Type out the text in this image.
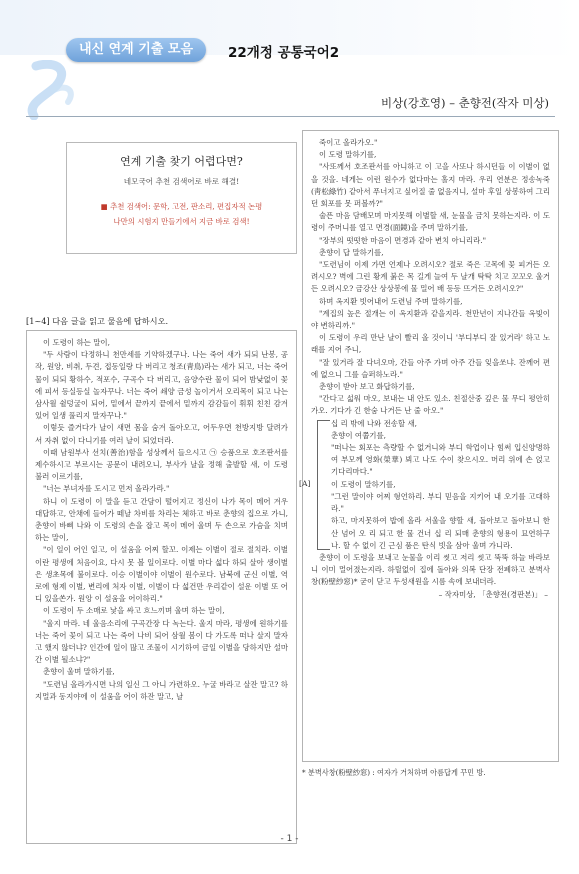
내신 연계 기출 모음	22개정 공통국어2
비상(강호영) – 춘향전(작자 미상)
연계 기출 찾기 어렵다면?
네모국어 추천 검색어로 바로 해결!
■ 추천 검색어: 문학, 고전, 판소리, 편집자적 논평
나만의 시험지 만들기에서 지금 바로 검색!
[1~4] 다음 글을 읽고 물음에 답하시오.
이 도령이 하는 말이,
"두 사람이 다정하니 천만세를 기약하겠구나. 나는 죽어 새가 되되 난봉, 공작, 원앙, 비취, 두견, 접동일랑 다 버리고 청조(靑鳥)라는 새가 되고, 너는 죽어 물이 되되 황하수, 적포수, 구곡수 다 버리고, 음양수란 물이 되어 밤낮없이 꽃에 피서 등실등실 놀자꾸나. 너는 죽어 쇄양 금성 놀이거서 오리목이 되고 나는 삼사월 쉴덩굴이 되어, 밑에서 끝까지 끝에서 밑까지 감감들이 휘휘 친친 감겨 있어 일생 풀리지 말자꾸나."
이렇듯 즐거다가 날이 새면 몸을 숨겨 돌아오고, 어두우면 천방지방 달려가서 자취 없이 다니기를 여러 날이 되었더라.
이때 남원부사 선치(善治)함을 성상께서 들으시고 ㉠ 승품으로 호조판서를 제수하시고 부르시는 공문이 내려오니, 부사가 날을 정해 출발할 새, 이 도령 불러 이르기를,
"너는 부녀자를 도시고 먼저 올라가라."
하니 이 도령이 이 말을 듣고 간담이 떨어지고 정신이 나가 목이 메어 겨우 대답하고, 안채에 들어가 떼날 차비를 차리는 체하고 바로 춘향의 집으로 가니, 춘향이 바삐 나와 이 도령의 손을 잡고 목이 메어 울며 두 손으로 가슴을 치며 하는 말이,
"이 일이 어인 일고, 이 설움을 어찌 할꼬. 이제는 이별이 절로 절치라. 이별이란 평생에 처음이요, 다시 못 볼 일이로다. 이별 마다 섧다 하되 살아 생이별은 생초목에 불이로다. 이승 이별이야 이별이 원수로다. 남북에 군신 이별, 역로에 형제 이별, 변리에 처자 이별, 이별이 다 섧건만 우리같이 설운 이별 또 어디 있을쏜가. 원앙 이 설움을 어이하리."
이 도령이 두 소매로 낯을 싸고 흐느끼며 울며 하는 말이,
"울지 마라. 네 울음소리에 구곡간장 다 녹는다. 울지 마라, 평생에 원하기를 너는 죽어 꽃이 되고 나는 죽어 나비 되어 삼월 봄이 다 가도록 떠나 살지 말자고 했지 않더냐? 인간에 일이 많고 조물이 시기하여 금일 이별을 당하지만 설마 간 이별 될소냐?"
춘향이 울며 말하기를,
"도련님 올라가시면 나의 일신 그 아니 가련하오. 누굴 바라고 살잔 말고? 하지멀과 동지야에 이 설움을 어이 하잔 말고, 날
죽이고 올라가오."
이 도령 말하기를,
"사또께서 호조판서를 아니하고 이 고을 사또나 하시던들 이 이별이 없을 것을. 네게는 이런 원수가 없다마는 홀지 마라. 우리 연분은 정송녹죽(靑松綠竹) 같아서 푸너지고 싶어질 줄 없음지니, 설마 후일 상봉하여 그리던 회포를 못 퍼볼까?"
술픈 마음 담배모며 마지못해 이별할 새, 눈물을 금치 못하는지라. 이 도령이 주머니를 열고 면경(面鏡)을 주며 말하기를,
"장부의 떳떳한 마음이 면경과 같아 변치 아니리라."
춘향이 답 말하기를,
"도련님이 이제 가면 언제나 오려시오? 절로 죽은 고목에 꽃 피거든 오려시오? 벽에 그린 황계 붉은 목 길게 늘여 두 날개 탁탁 치고 꼬꼬오 울거든 오려시오? 금강산 상상봉에 물 밀어 배 등등 뜨거든 오려시오?"
하며 옥지환 빗어내어 도련님 주며 말하기를,
"계집의 높은 절개는 이 옥지환과 같을지라. 천만년이 지나간들 옥빛이야 변하리까."
이 도령이 우리 만난 날이 빨리 올 것이니 '부디부디 잘 있거라' 하고 노래를 지어 주니,
"잘 있거라 잘 다녀오마, 간들 아주 가며 아주 간들 잊을쏘냐. 잔께어 편에 없으니 그를 슬퍼하노라."
춘향이 받아 보고 화답하기를,
"간다고 섧워 마오, 보내는 내 안도 있소. 친절산중 깊은 물 무디 평안히 가오. 기다가 긴 한숨 나거든 난 줄 아오."
[A]
십 리 밖에 나와 전송할 새,
춘향이 여쭙기를,
"떠나는 회포는 측량할 수 없거니와 부디 학업이나 힘써 입신양명하여 부모께 영화(榮華) 뵈고 나도 수이 찾으시오. 머리 위에 손 얹고 기다리마다."
이 도령이 말하기를,
"그런 말이야 어찌 형언하리. 부디 믿음을 지키어 내 오기를 고대하라."
하고, 마지못하여 밥에 올라 서울을 향할 새, 돌아보고 돌아보니 한 산 넘어 오 리 되고 한 물 건너 십 리 되매 춘향의 형용이 묘연하구나. 할 수 없이 긴 근심 품은 탄식 빗을 삼아 울며 가니라.
춘향이 이 도령을 보내고 눈물을 이리 씻고 저리 씻고 뚝뚝 하늘 바라보니 이미 멀어졌는지라. 하릴없이 집에 돌아와 의복 단장 전폐하고 분벽사창(粉壁紗窓)* 굳이 닫고 두성새원을 시름 속에 보내더라.
– 작자미상, 「춘향전(경판본)」 –
* 분벽사창(粉壁紗窓) : 여자가 거처하며 아름답게 꾸민 방.
- 1 -
